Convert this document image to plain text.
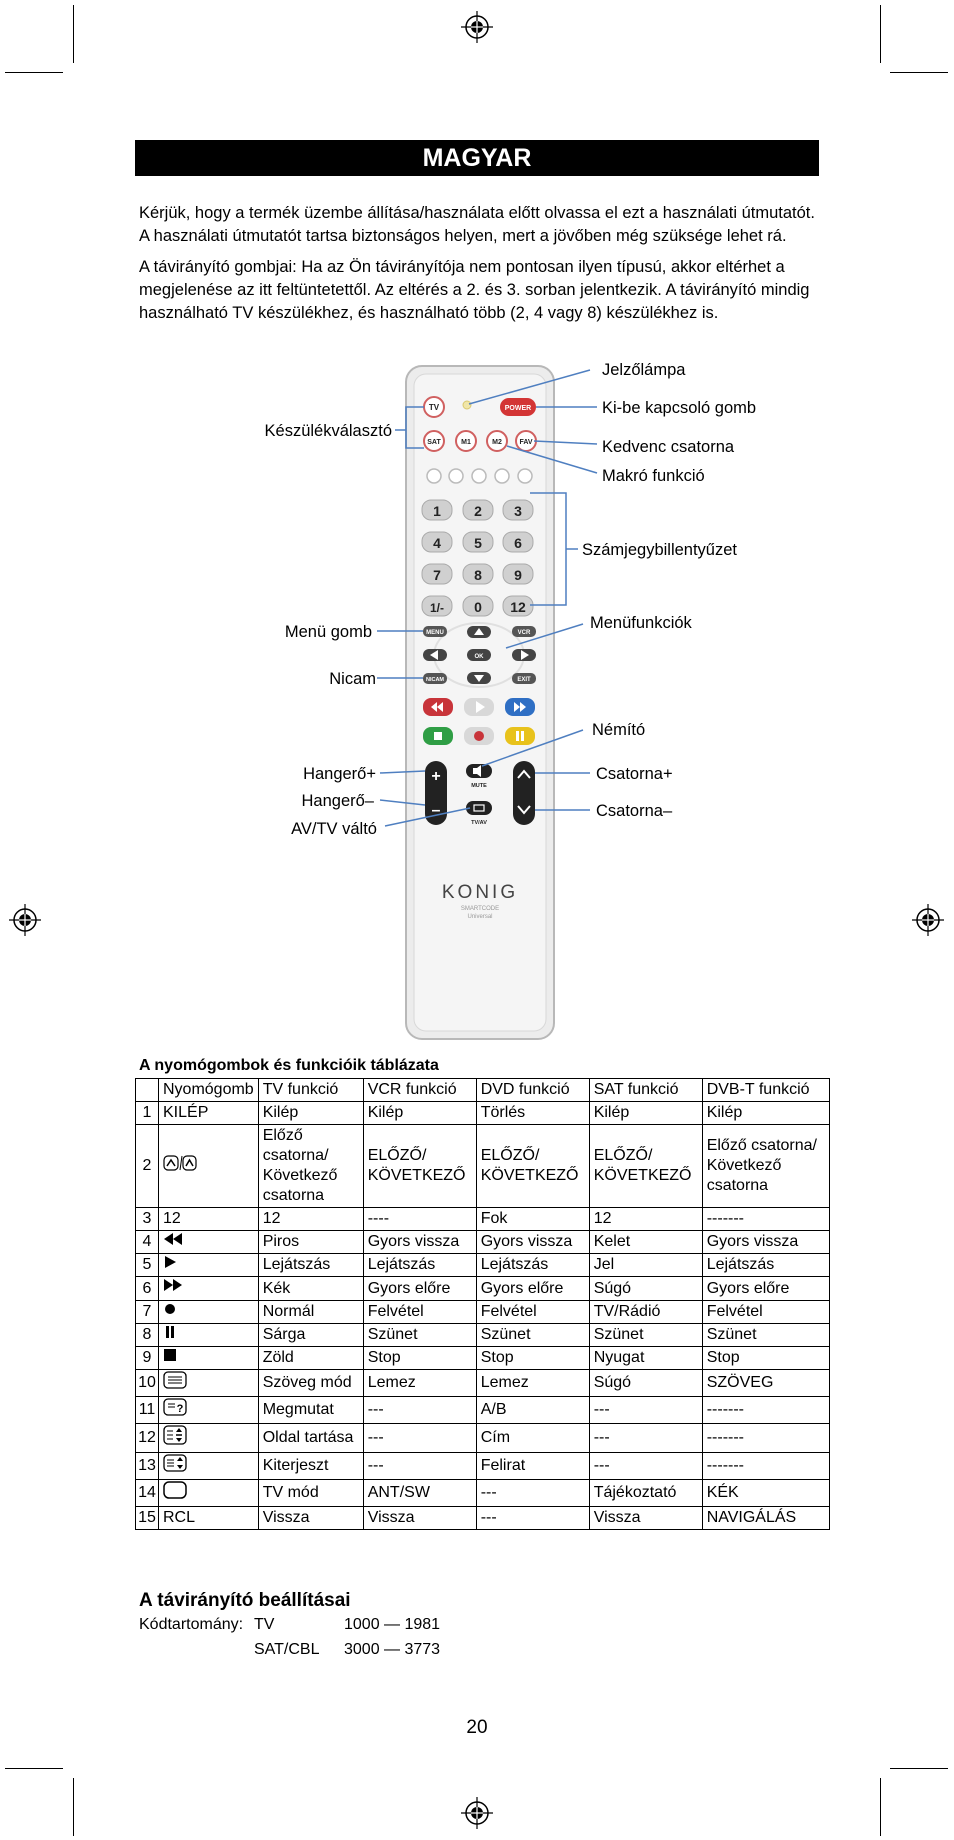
MAGYAR

Kérjük, hogy a termék üzembe állítása/használata előtt olvassa el ezt a használati útmutatót.

A használati útmutatót tartsa biztonságos helyen, mert a jövőben még szüksége lehet rá.

A távirányító gombjai: Ha az Ön távirányítója nem pontosan ilyen típusú, akkor eltérhet a megjelenése az itt feltüntetettől. Az eltérés a 2. és 3. sorban jelentkezik. A távirányító mindig használható TV készülékhez, és használható több (2, 4 vagy 8) készülékhez is.

TV	POWER
SAT	M1	M2	FAV
1 2 3
4 5 6
7 8 9
1/- 0 12
MENU	VCR
OK
NICAM	EXIT
+
–
MUTE
TV/AV
KONIG
SMARTCODE
Universal
Jelzőlámpa
Ki-be kapcsoló gomb
Készülékválasztó
Kedvenc csatorna
Makró funkció
Számjegybillentyűzet
Menü gomb	Menüfunkciók
Nicam
Némító
Hangerő+
Hangerő–
AV/TV váltó
Csatorna+
Csatorna–
A nyomógombok és funkcióik táblázata
	Nyomógomb	TV funkció	VCR funkció	DVD funkció	SAT funkció	DVB-T funkció
1	KILÉP	Kilép	Kilép	Törlés	Kilép	Kilép
2		Előző csatorna/ Következő csatorna	ELŐZŐ/ KÖVETKEZŐ	ELŐZŐ/ KÖVETKEZŐ	ELŐZŐ/ KÖVETKEZŐ	Előző csatorna/ Következő csatorna
3	12	12	----	Fok	12	-------
4		Piros	Gyors vissza	Gyors vissza	Kelet	Gyors vissza
5		Lejátszás	Lejátszás	Lejátszás	Jel	Lejátszás
6		Kék	Gyors előre	Gyors előre	Súgó	Gyors előre
7		Normál	Felvétel	Felvétel	TV/Rádió	Felvétel
8		Sárga	Szünet	Szünet	Szünet	Szünet
9		Zöld	Stop	Stop	Nyugat	Stop
10		Szöveg mód	Lemez	Lemez	Súgó	SZÖVEG
11	?	Megmutat	---	A/B	---	-------
12		Oldal tartása	---	Cím	---	-------
13		Kiterjeszt	---	Felirat	---	-------
14		TV mód	ANT/SW	---	Tájékoztató	KÉK
15	RCL	Vissza	Vissza	---	Vissza	NAVIGÁLÁS
A távirányító beállításai
Kódtartomány: TV	1000 — 1981
SAT/CBL 3000 — 3773
20
